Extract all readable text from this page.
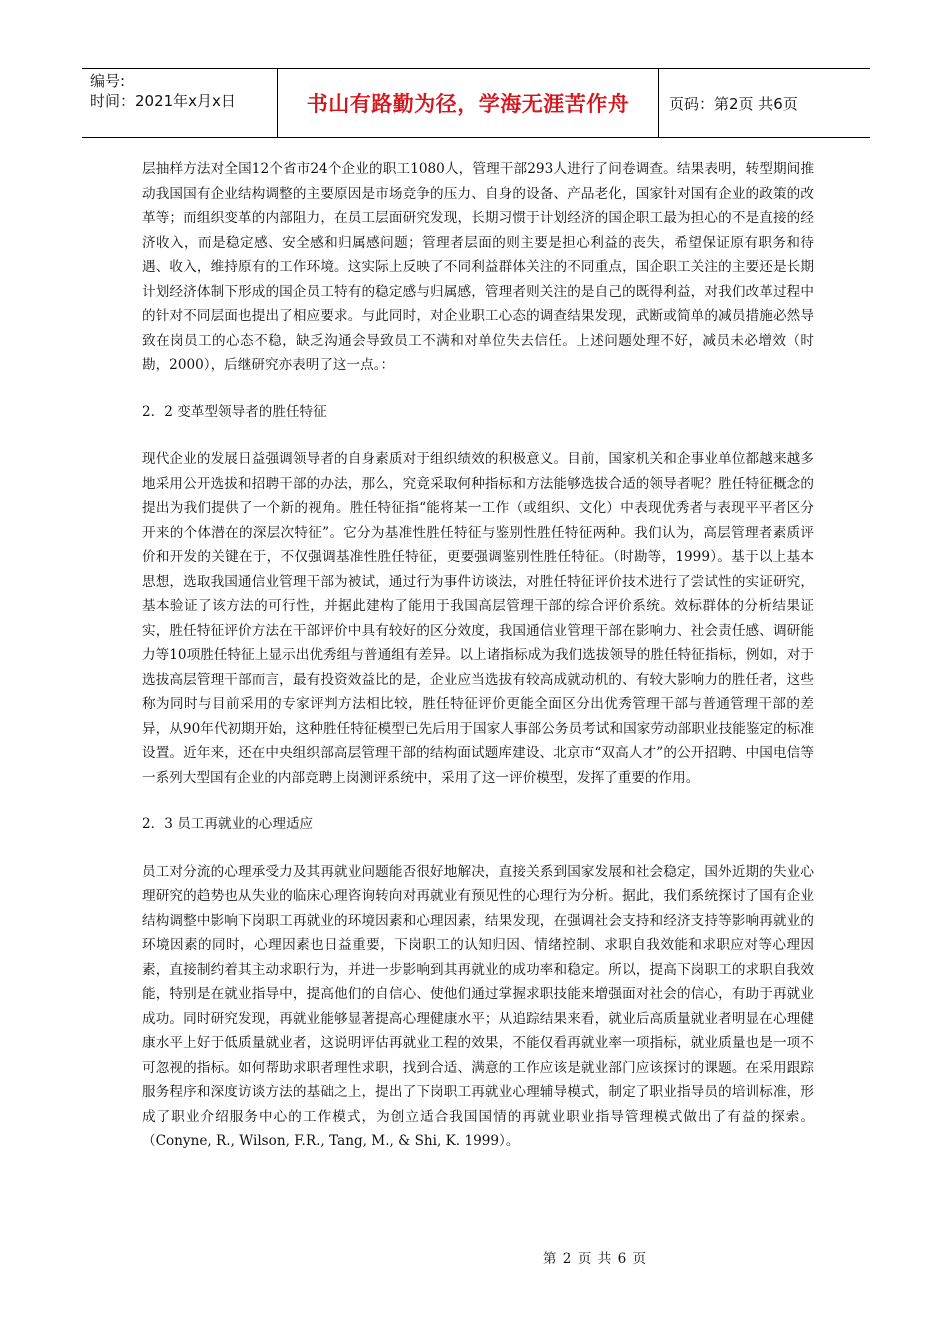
编号:
时间：2021年x月x日	书山有路勤为径，学海无涯苦作舟	页码：第2页 共6页

层抽样方法对全国12个省市24个企业的职工1080人，管理干部293人进行了问卷调查。结果表明，转型期间推动我国国有企业结构调整的主要原因是市场竞争的压力、自身的设备、产品老化，国家针对国有企业的政策的改革等；而组织变革的内部阻力，在员工层面研究发现，长期习惯于计划经济的国企职工最为担心的不是直接的经济收入，而是稳定感、安全感和归属感问题；管理者层面的则主要是担心利益的丧失，希望保证原有职务和待遇、收入，维持原有的工作环境。这实际上反映了不同利益群体关注的不同重点，国企职工关注的主要还是长期计划经济体制下形成的国企员工特有的稳定感与归属感，管理者则关注的是自己的既得利益，对我们改革过程中的针对不同层面也提出了相应要求。与此同时，对企业职工心态的调查结果发现，武断或简单的减员措施必然导致在岗员工的心态不稳，缺乏沟通会导致员工不满和对单位失去信任。上述问题处理不好，减员未必增效（时勘，2000），后继研究亦表明了这一点。：

2．2 变革型领导者的胜任特征

现代企业的发展日益强调领导者的自身素质对于组织绩效的积极意义。目前，国家机关和企事业单位都越来越多地采用公开选拔和招聘干部的办法，那么，究竟采取何种指标和方法能够选拔合适的领导者呢？胜任特征概念的提出为我们提供了一个新的视角。胜任特征指“能将某一工作（或组织、文化）中表现优秀者与表现平平者区分开来的个体潜在的深层次特征”。它分为基准性胜任特征与鉴别性胜任特征两种。我们认为，高层管理者素质评价和开发的关键在于，不仅强调基准性胜任特征，更要强调鉴别性胜任特征。（时勘等，1999）。基于以上基本思想，选取我国通信业管理干部为被试，通过行为事件访谈法，对胜任特征评价技术进行了尝试性的实证研究，基本验证了该方法的可行性，并据此建构了能用于我国高层管理干部的综合评价系统。效标群体的分析结果证实，胜任特征评价方法在干部评价中具有较好的区分效度，我国通信业管理干部在影响力、社会责任感、调研能力等10项胜任特征上显示出优秀组与普通组有差异。以上诸指标成为我们选拔领导的胜任特征指标，例如，对于选拔高层管理干部而言，最有投资效益比的是，企业应当选拔有较高成就动机的、有较大影响力的胜任者，这些称为同时与目前采用的专家评判方法相比较，胜任特征评价更能全面区分出优秀管理干部与普通管理干部的差异，从90年代初期开始，这种胜任特征模型已先后用于国家人事部公务员考试和国家劳动部职业技能鉴定的标准设置。近年来，还在中央组织部高层管理干部的结构面试题库建设、北京市“双高人才”的公开招聘、中国电信等一系列大型国有企业的内部竞聘上岗测评系统中，采用了这一评价模型，发挥了重要的作用。

2．3 员工再就业的心理适应

员工对分流的心理承受力及其再就业问题能否很好地解决，直接关系到国家发展和社会稳定，国外近期的失业心理研究的趋势也从失业的临床心理咨询转向对再就业有预见性的心理行为分析。据此，我们系统探讨了国有企业结构调整中影响下岗职工再就业的环境因素和心理因素，结果发现，在强调社会支持和经济支持等影响再就业的环境因素的同时，心理因素也日益重要，下岗职工的认知归因、情绪控制、求职自我效能和求职应对等心理因素，直接制约着其主动求职行为，并进一步影响到其再就业的成功率和稳定。所以，提高下岗职工的求职自我效能，特别是在就业指导中，提高他们的自信心、使他们通过掌握求职技能来增强面对社会的信心，有助于再就业成功。同时研究发现，再就业能够显著提高心理健康水平；从追踪结果来看，就业后高质量就业者明显在心理健康水平上好于低质量就业者，这说明评估再就业工程的效果，不能仅看再就业率一项指标，就业质量也是一项不可忽视的指标。如何帮助求职者理性求职，找到合适、满意的工作应该是就业部门应该探讨的课题。在采用跟踪服务程序和深度访谈方法的基础之上，提出了下岗职工再就业心理辅导模式，制定了职业指导员的培训标准，形成了职业介绍服务中心的工作模式，为创立适合我国国情的再就业职业指导管理模式做出了有益的探索。（Conyne, R., Wilson, F.R., Tang, M., & Shi, K. 1999）。

第 2 页 共 6 页
